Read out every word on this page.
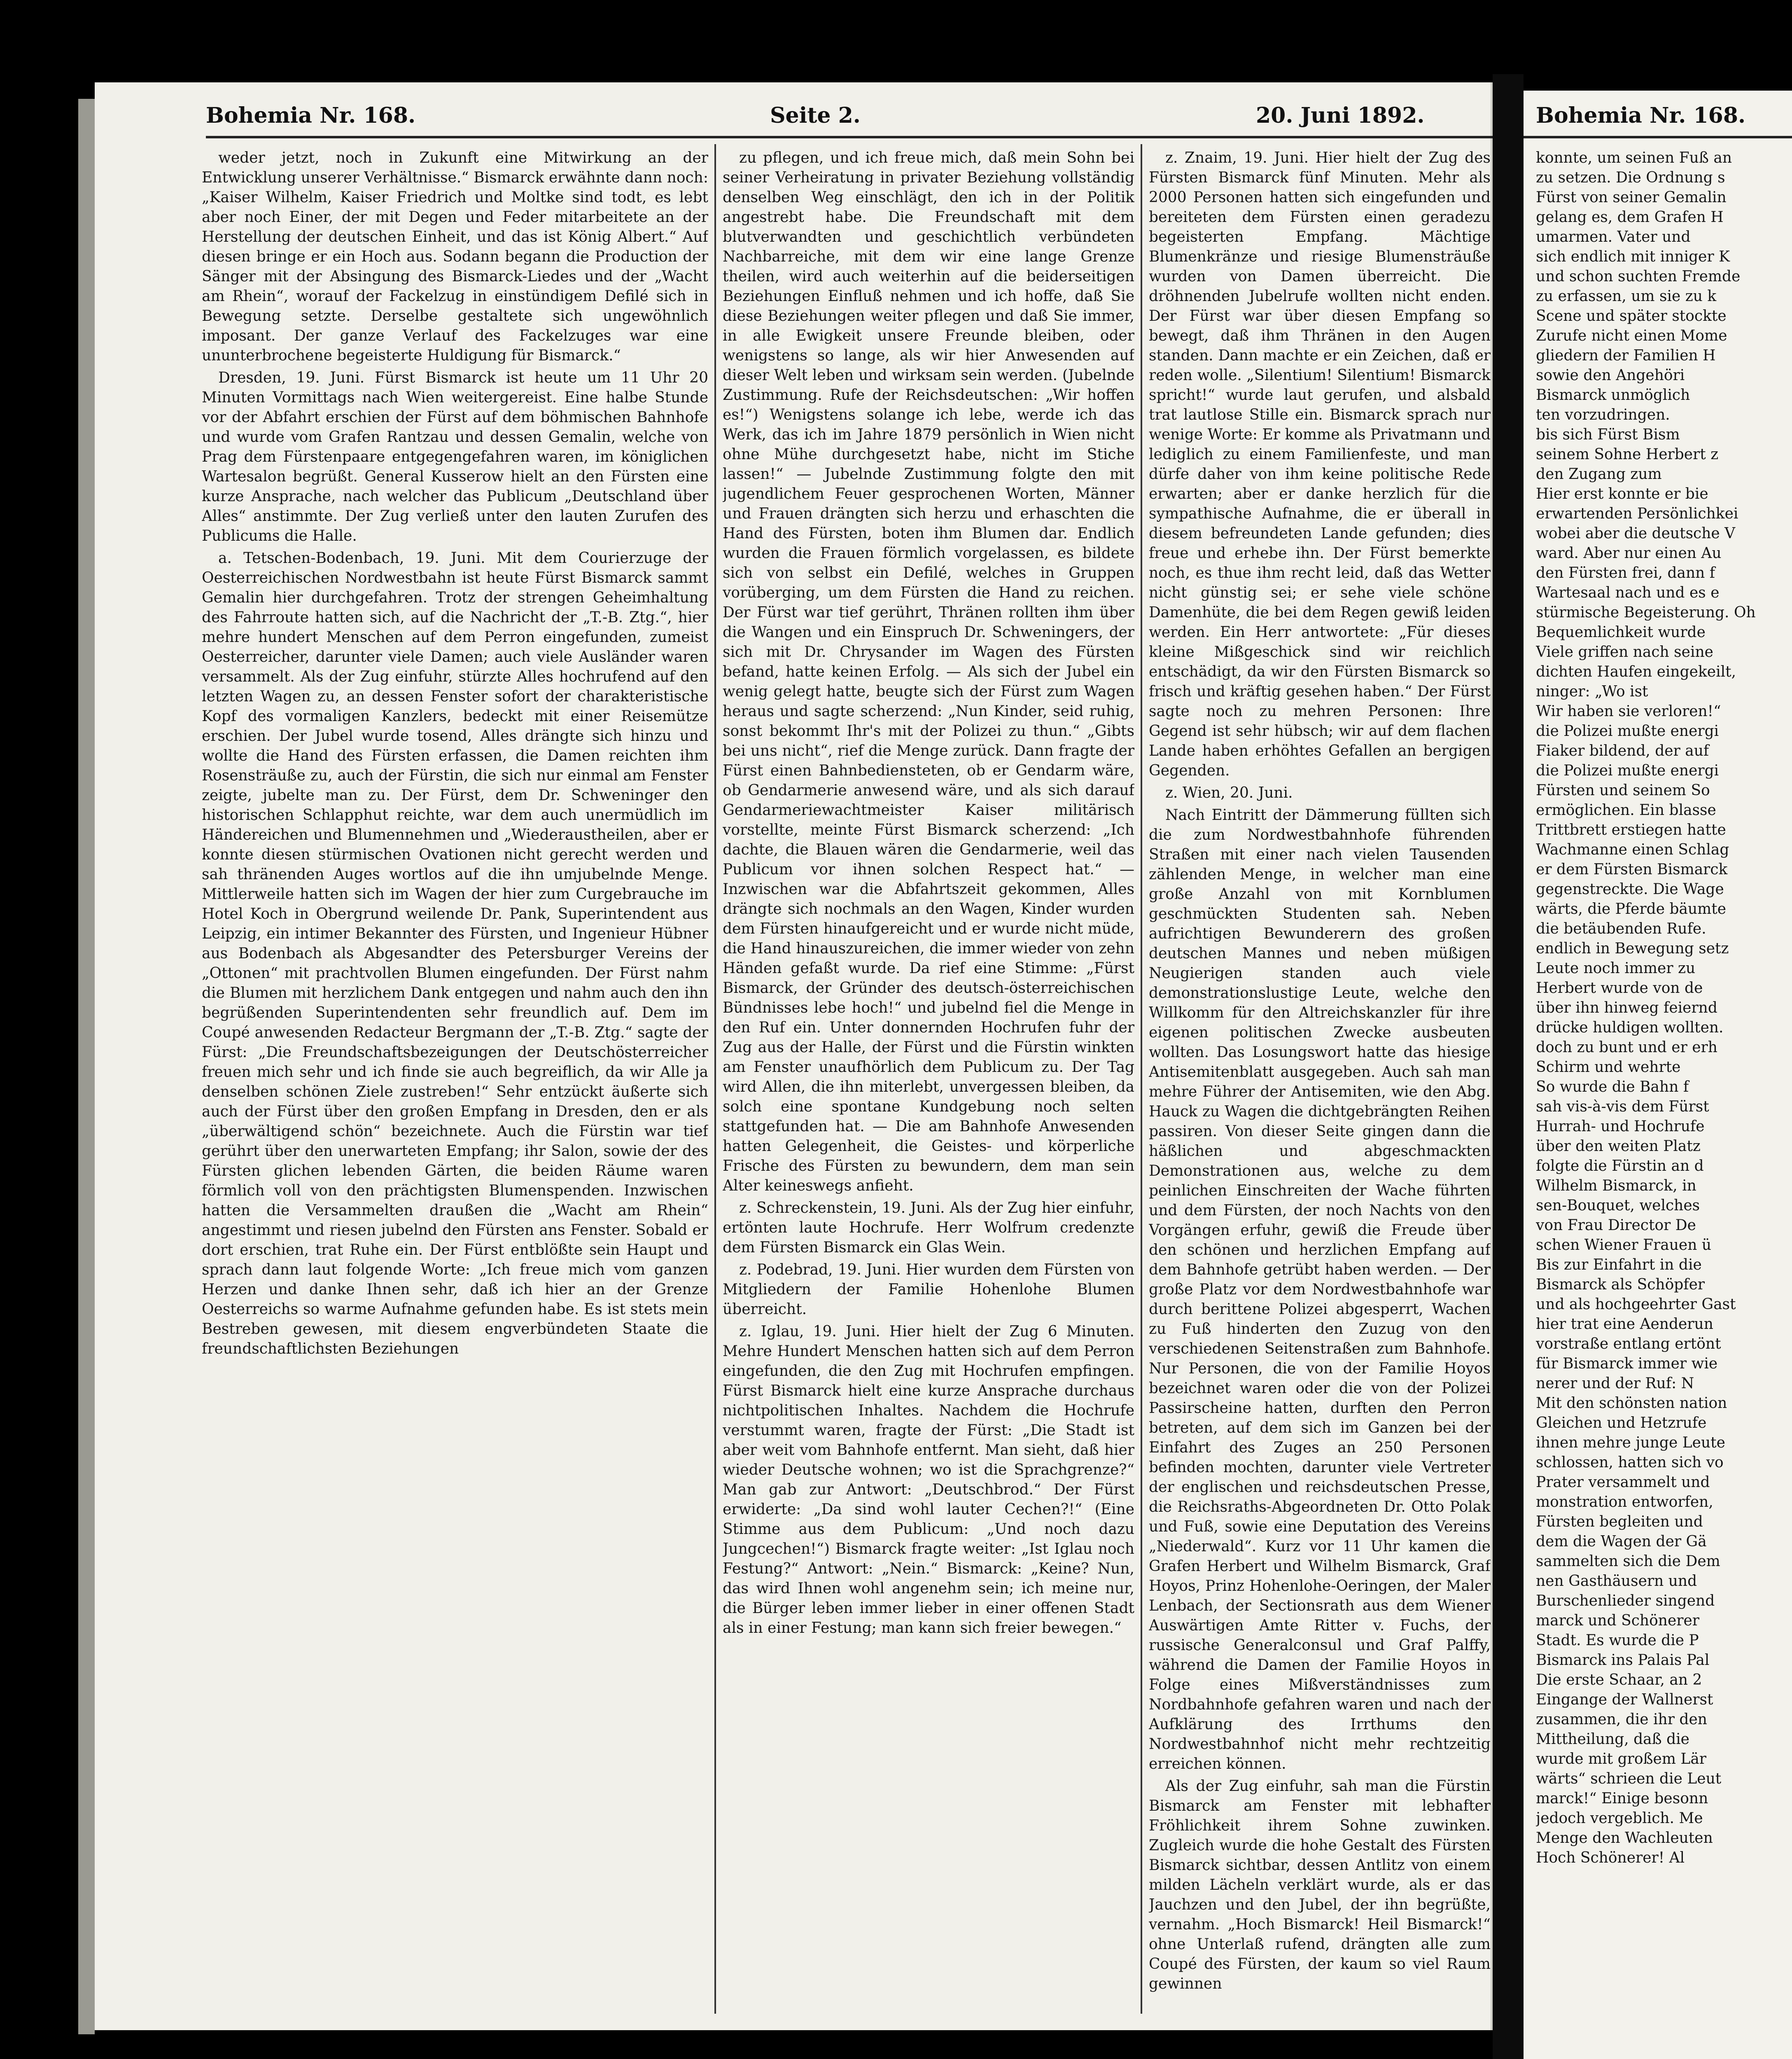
Bohemia Nr. 168.	Seite 2.	20. Juni 1892.

weder jetzt, noch in Zukunft eine Mitwirkung an der Entwicklung unserer Verhältnisse.“ Bismarck erwähnte dann noch: „Kaiser Wilhelm, Kaiser Friedrich und Moltke sind todt, es lebt aber noch Einer, der mit Degen und Feder mitarbeitete an der Herstellung der deutschen Einheit, und das ist König Albert.“ Auf diesen bringe er ein Hoch aus. Sodann begann die Production der Sänger mit der Absingung des Bismarck-Liedes und der „Wacht am Rhein“, worauf der Fackelzug in einstündigem Defilé sich in Bewegung setzte. Derselbe gestaltete sich ungewöhnlich imposant. Der ganze Verlauf des Fackelzuges war eine ununterbrochene begeisterte Huldigung für Bismarck.“

Dresden, 19. Juni. Fürst Bismarck ist heute um 11 Uhr 20 Minuten Vormittags nach Wien weitergereist. Eine halbe Stunde vor der Abfahrt erschien der Fürst auf dem böhmischen Bahnhofe und wurde vom Grafen Rantzau und dessen Gemalin, welche von Prag dem Fürstenpaare entgegengefahren waren, im königlichen Wartesalon begrüßt. General Kusserow hielt an den Fürsten eine kurze Ansprache, nach welcher das Publicum „Deutschland über Alles“ anstimmte. Der Zug verließ unter den lauten Zurufen des Publicums die Halle.

a. Tetschen-Bodenbach, 19. Juni. Mit dem Courierzuge der Oesterreichischen Nordwestbahn ist heute Fürst Bismarck sammt Gemalin hier durchgefahren. Trotz der strengen Geheimhaltung des Fahrroute hatten sich, auf die Nachricht der „T.-B. Ztg.“, hier mehre hundert Menschen auf dem Perron eingefunden, zumeist Oesterreicher, darunter viele Damen; auch viele Ausländer waren versammelt. Als der Zug einfuhr, stürzte Alles hochrufend auf den letzten Wagen zu, an dessen Fenster sofort der charakteristische Kopf des vormaligen Kanzlers, bedeckt mit einer Reisemütze erschien. Der Jubel wurde tosend, Alles drängte sich hinzu und wollte die Hand des Fürsten erfassen, die Damen reichten ihm Rosensträuße zu, auch der Fürstin, die sich nur einmal am Fenster zeigte, jubelte man zu. Der Fürst, dem Dr. Schweninger den historischen Schlapphut reichte, war dem auch unermüdlich im Händereichen und Blumennehmen und „Wiederaustheilen, aber er konnte diesen stürmischen Ovationen nicht gerecht werden und sah thränenden Auges wortlos auf die ihn umjubelnde Menge. Mittlerweile hatten sich im Wagen der hier zum Curgebrauche im Hotel Koch in Obergrund weilende Dr. Pank, Superintendent aus Leipzig, ein intimer Bekannter des Fürsten, und Ingenieur Hübner aus Bodenbach als Abgesandter des Petersburger Vereins der „Ottonen“ mit prachtvollen Blumen eingefunden. Der Fürst nahm die Blumen mit herzlichem Dank entgegen und nahm auch den ihn begrüßenden Superintendenten sehr freundlich auf. Dem im Coupé anwesenden Redacteur Bergmann der „T.-B. Ztg.“ sagte der Fürst: „Die Freundschaftsbezeigungen der Deutschösterreicher freuen mich sehr und ich finde sie auch begreiflich, da wir Alle ja denselben schönen Ziele zustreben!“ Sehr entzückt äußerte sich auch der Fürst über den großen Empfang in Dresden, den er als „überwältigend schön“ bezeichnete. Auch die Fürstin war tief gerührt über den unerwarteten Empfang; ihr Salon, sowie der des Fürsten glichen lebenden Gärten, die beiden Räume waren förmlich voll von den prächtigsten Blumenspenden. Inzwischen hatten die Versammelten draußen die „Wacht am Rhein“ angestimmt und riesen jubelnd den Fürsten ans Fenster. Sobald er dort erschien, trat Ruhe ein. Der Fürst entblößte sein Haupt und sprach dann laut folgende Worte: „Ich freue mich vom ganzen Herzen und danke Ihnen sehr, daß ich hier an der Grenze Oesterreichs so warme Aufnahme gefunden habe. Es ist stets mein Bestreben gewesen, mit diesem engverbündeten Staate die freundschaftlichsten Beziehungen

zu pflegen, und ich freue mich, daß mein Sohn bei seiner Verheiratung in privater Beziehung vollständig denselben Weg einschlägt, den ich in der Politik angestrebt habe. Die Freundschaft mit dem blutverwandten und geschichtlich verbündeten Nachbarreiche, mit dem wir eine lange Grenze theilen, wird auch weiterhin auf die beiderseitigen Beziehungen Einfluß nehmen und ich hoffe, daß Sie diese Beziehungen weiter pflegen und daß Sie immer, in alle Ewigkeit unsere Freunde bleiben, oder wenigstens so lange, als wir hier Anwesenden auf dieser Welt leben und wirksam sein werden. (Jubelnde Zustimmung. Rufe der Reichsdeutschen: „Wir hoffen es!“) Wenigstens solange ich lebe, werde ich das Werk, das ich im Jahre 1879 persönlich in Wien nicht ohne Mühe durchgesetzt habe, nicht im Stiche lassen!“ — Jubelnde Zustimmung folgte den mit jugendlichem Feuer gesprochenen Worten, Männer und Frauen drängten sich herzu und erhaschten die Hand des Fürsten, boten ihm Blumen dar. Endlich wurden die Frauen förmlich vorgelassen, es bildete sich von selbst ein Defilé, welches in Gruppen vorüberging, um dem Fürsten die Hand zu reichen. Der Fürst war tief gerührt, Thränen rollten ihm über die Wangen und ein Einspruch Dr. Schweningers, der sich mit Dr. Chrysander im Wagen des Fürsten befand, hatte keinen Erfolg. — Als sich der Jubel ein wenig gelegt hatte, beugte sich der Fürst zum Wagen heraus und sagte scherzend: „Nun Kinder, seid ruhig, sonst bekommt Ihr's mit der Polizei zu thun.“ „Gibts bei uns nicht“, rief die Menge zurück. Dann fragte der Fürst einen Bahnbediensteten, ob er Gendarm wäre, ob Gendarmerie anwesend wäre, und als sich darauf Gendarmeriewachtmeister Kaiser militärisch vorstellte, meinte Fürst Bismarck scherzend: „Ich dachte, die Blauen wären die Gendarmerie, weil das Publicum vor ihnen solchen Respect hat.“ — Inzwischen war die Abfahrtszeit gekommen, Alles drängte sich nochmals an den Wagen, Kinder wurden dem Fürsten hinaufgereicht und er wurde nicht müde, die Hand hinauszureichen, die immer wieder von zehn Händen gefaßt wurde. Da rief eine Stimme: „Fürst Bismarck, der Gründer des deutsch-österreichischen Bündnisses lebe hoch!“ und jubelnd fiel die Menge in den Ruf ein. Unter donnernden Hochrufen fuhr der Zug aus der Halle, der Fürst und die Fürstin winkten am Fenster unaufhörlich dem Publicum zu. Der Tag wird Allen, die ihn miterlebt, unvergessen bleiben, da solch eine spontane Kundgebung noch selten stattgefunden hat. — Die am Bahnhofe Anwesenden hatten Gelegenheit, die Geistes- und körperliche Frische des Fürsten zu bewundern, dem man sein Alter keineswegs anfieht.

z. Schreckenstein, 19. Juni. Als der Zug hier einfuhr, ertönten laute Hochrufe. Herr Wolfrum credenzte dem Fürsten Bismarck ein Glas Wein.

z. Podebrad, 19. Juni. Hier wurden dem Fürsten von Mitgliedern der Familie Hohenlohe Blumen überreicht.

z. Iglau, 19. Juni. Hier hielt der Zug 6 Minuten. Mehre Hundert Menschen hatten sich auf dem Perron eingefunden, die den Zug mit Hochrufen empfingen. Fürst Bismarck hielt eine kurze Ansprache durchaus nichtpolitischen Inhaltes. Nachdem die Hochrufe verstummt waren, fragte der Fürst: „Die Stadt ist aber weit vom Bahnhofe entfernt. Man sieht, daß hier wieder Deutsche wohnen; wo ist die Sprachgrenze?“ Man gab zur Antwort: „Deutschbrod.“ Der Fürst erwiderte: „Da sind wohl lauter Cechen?!“ (Eine Stimme aus dem Publicum: „Und noch dazu Jungcechen!“) Bismarck fragte weiter: „Ist Iglau noch Festung?“ Antwort: „Nein.“ Bismarck: „Keine? Nun, das wird Ihnen wohl angenehm sein; ich meine nur, die Bürger leben immer lieber in einer offenen Stadt als in einer Festung; man kann sich freier bewegen.“

z. Znaim, 19. Juni. Hier hielt der Zug des Fürsten Bismarck fünf Minuten. Mehr als 2000 Personen hatten sich eingefunden und bereiteten dem Fürsten einen geradezu begeisterten Empfang. Mächtige Blumenkränze und riesige Blumensträuße wurden von Damen überreicht. Die dröhnenden Jubelrufe wollten nicht enden. Der Fürst war über diesen Empfang so bewegt, daß ihm Thränen in den Augen standen. Dann machte er ein Zeichen, daß er reden wolle. „Silentium! Silentium! Bismarck spricht!“ wurde laut gerufen, und alsbald trat lautlose Stille ein. Bismarck sprach nur wenige Worte: Er komme als Privatmann und lediglich zu einem Familienfeste, und man dürfe daher von ihm keine politische Rede erwarten; aber er danke herzlich für die sympathische Aufnahme, die er überall in diesem befreundeten Lande gefunden; dies freue und erhebe ihn. Der Fürst bemerkte noch, es thue ihm recht leid, daß das Wetter nicht günstig sei; er sehe viele schöne Damenhüte, die bei dem Regen gewiß leiden werden. Ein Herr antwortete: „Für dieses kleine Mißgeschick sind wir reichlich entschädigt, da wir den Fürsten Bismarck so frisch und kräftig gesehen haben.“ Der Fürst sagte noch zu mehren Personen: Ihre Gegend ist sehr hübsch; wir auf dem flachen Lande haben erhöhtes Gefallen an bergigen Gegenden.

z. Wien, 20. Juni.

Nach Eintritt der Dämmerung füllten sich die zum Nordwestbahnhofe führenden Straßen mit einer nach vielen Tausenden zählenden Menge, in welcher man eine große Anzahl von mit Kornblumen geschmückten Studenten sah. Neben aufrichtigen Bewunderern des großen deutschen Mannes und neben müßigen Neugierigen standen auch viele demonstrationslustige Leute, welche den Willkomm für den Altreichskanzler für ihre eigenen politischen Zwecke ausbeuten wollten. Das Losungswort hatte das hiesige Antisemitenblatt ausgegeben. Auch sah man mehre Führer der Antisemiten, wie den Abg. Hauck zu Wagen die dichtgebrängten Reihen passiren. Von dieser Seite gingen dann die häßlichen und abgeschmackten Demonstrationen aus, welche zu dem peinlichen Einschreiten der Wache führten und dem Fürsten, der noch Nachts von den Vorgängen erfuhr, gewiß die Freude über den schönen und herzlichen Empfang auf dem Bahnhofe getrübt haben werden. — Der große Platz vor dem Nordwestbahnhofe war durch berittene Polizei abgesperrt, Wachen zu Fuß hinderten den Zuzug von den verschiedenen Seitenstraßen zum Bahnhofe. Nur Personen, die von der Familie Hoyos bezeichnet waren oder die von der Polizei Passirscheine hatten, durften den Perron betreten, auf dem sich im Ganzen bei der Einfahrt des Zuges an 250 Personen befinden mochten, darunter viele Vertreter der englischen und reichsdeutschen Presse, die Reichsraths-Abgeordneten Dr. Otto Polak und Fuß, sowie eine Deputation des Vereins „Niederwald“. Kurz vor 11 Uhr kamen die Grafen Herbert und Wilhelm Bismarck, Graf Hoyos, Prinz Hohenlohe-Oeringen, der Maler Lenbach, der Sectionsrath aus dem Wiener Auswärtigen Amte Ritter v. Fuchs, der russische Generalconsul und Graf Palffy, während die Damen der Familie Hoyos in Folge eines Mißverständnisses zum Nordbahnhofe gefahren waren und nach der Aufklärung des Irrthums den Nordwestbahnhof nicht mehr rechtzeitig erreichen können.

Als der Zug einfuhr, sah man die Fürstin Bismarck am Fenster mit lebhafter Fröhlichkeit ihrem Sohne zuwinken. Zugleich wurde die hohe Gestalt des Fürsten Bismarck sichtbar, dessen Antlitz von einem milden Lächeln verklärt wurde, als er das Jauchzen und den Jubel, der ihn begrüßte, vernahm. „Hoch Bismarck! Heil Bismarck!“ ohne Unterlaß rufend, drängten alle zum Coupé des Fürsten, der kaum so viel Raum gewinnen

Bohemia Nr. 168.
konnte, um seinen Fuß an
zu setzen. Die Ordnung s
Fürst von seiner Gemalin
gelang es, dem Grafen H
umarmen. Vater und
sich endlich mit inniger K
und schon suchten Fremde
zu erfassen, um sie zu k
Scene und später stockte
Zurufe nicht einen Mome
gliedern der Familien H
sowie den Angehöri
Bismarck unmöglich
ten vorzudringen.
bis sich Fürst Bism
seinem Sohne Herbert z
den Zugang zum
Hier erst konnte er bie
erwartenden Persönlichkei
wobei aber die deutsche V
ward. Aber nur einen Au
den Fürsten frei, dann f
Wartesaal nach und es e
stürmische Begeisterung. Oh
Bequemlichkeit wurde
Viele griffen nach seine
dichten Haufen eingekeilt,
ninger: „Wo ist
Wir haben sie verloren!“
die Polizei mußte energi
Fiaker bildend, der auf
die Polizei mußte energi
Fürsten und seinem So
ermöglichen. Ein blasse
Trittbrett erstiegen hatte
Wachmanne einen Schlag
er dem Fürsten Bismarck
gegenstreckte. Die Wage
wärts, die Pferde bäumte
die betäubenden Rufe.
endlich in Bewegung setz
Leute noch immer zu
Herbert wurde von de
über ihn hinweg feiernd
drücke huldigen wollten.
doch zu bunt und er erh
Schirm und wehrte
So wurde die Bahn f
sah vis-à-vis dem Fürst
Hurrah- und Hochrufe
über den weiten Platz
folgte die Fürstin an d
Wilhelm Bismarck, in
sen-Bouquet, welches
von Frau Director De
schen Wiener Frauen ü
Bis zur Einfahrt in die
Bismarck als Schöpfer
und als hochgeehrter Gast
hier trat eine Aenderun
vorstraße entlang ertönt
für Bismarck immer wie
nerer und der Ruf: N
Mit den schönsten nation
Gleichen und Hetzrufe
ihnen mehre junge Leute
schlossen, hatten sich vo
Prater versammelt und
monstration entworfen,
Fürsten begleiten und
dem die Wagen der Gä
sammelten sich die Dem
nen Gasthäusern und
Burschenlieder singend
marck und Schönerer
Stadt. Es wurde die P
Bismarck ins Palais Pal
Die erste Schaar, an 2
Eingange der Wallnerst
zusammen, die ihr den
Mittheilung, daß die
wurde mit großem Lär
wärts“ schrieen die Leut
marck!“ Einige besonn
jedoch vergeblich. Me
Menge den Wachleuten
Hoch Schönerer! Al
